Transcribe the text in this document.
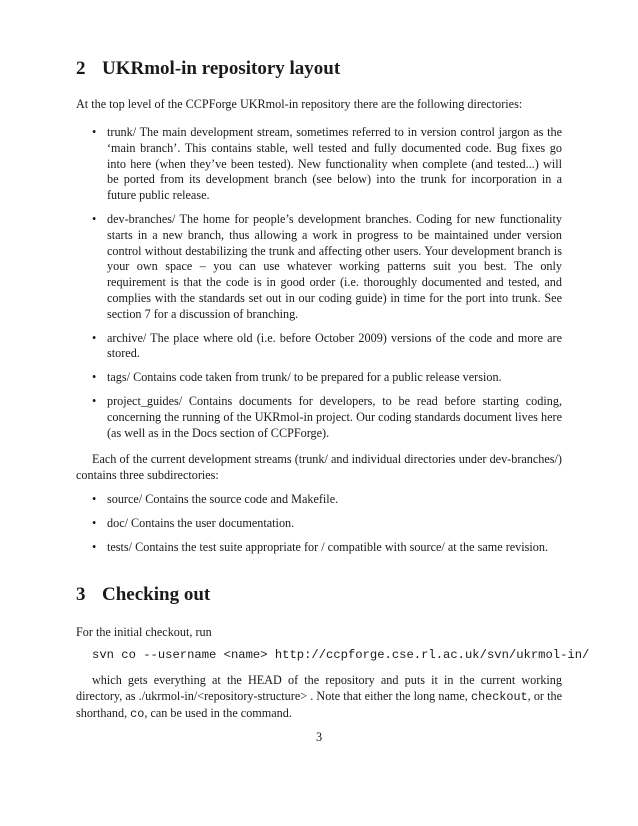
2 UKRmol-in repository layout

At the top level of the CCPForge UKRmol-in repository there are the following directories:

• trunk/ The main development stream, sometimes referred to in version control jargon as the ‘main branch’. This contains stable, well tested and fully documented code. Bug fixes go into here (when they’ve been tested). New functionality when complete (and tested...) will be ported from its development branch (see below) into the trunk for incorporation in a future public release.
• dev-branches/ The home for people’s development branches. Coding for new functionality starts in a new branch, thus allowing a work in progress to be maintained under version control without destabilizing the trunk and affecting other users. Your development branch is your own space – you can use whatever working patterns suit you best. The only requirement is that the code is in good order (i.e. thoroughly documented and tested, and complies with the standards set out in our coding guide) in time for the port into trunk. See section 7 for a discussion of branching.
• archive/ The place where old (i.e. before October 2009) versions of the code and more are stored.
• tags/ Contains code taken from trunk/ to be prepared for a public release version.
• project_guides/ Contains documents for developers, to be read before starting coding, concerning the running of the UKRmol-in project. Our coding standards document lives here (as well as in the Docs section of CCPForge).

Each of the current development streams (trunk/ and individual directories under dev-branches/) contains three subdirectories:

• source/ Contains the source code and Makefile.
• doc/ Contains the user documentation.
• tests/ Contains the test suite appropriate for / compatible with source/ at the same revision.
3 Checking out

For the initial checkout, run

svn co --username <name> http://ccpforge.cse.rl.ac.uk/svn/ukrmol-in/

which gets everything at the HEAD of the repository and puts it in the current working directory, as ./ukrmol-in/<repository-structure> . Note that either the long name, checkout, or the shorthand, co, can be used in the command.

3
